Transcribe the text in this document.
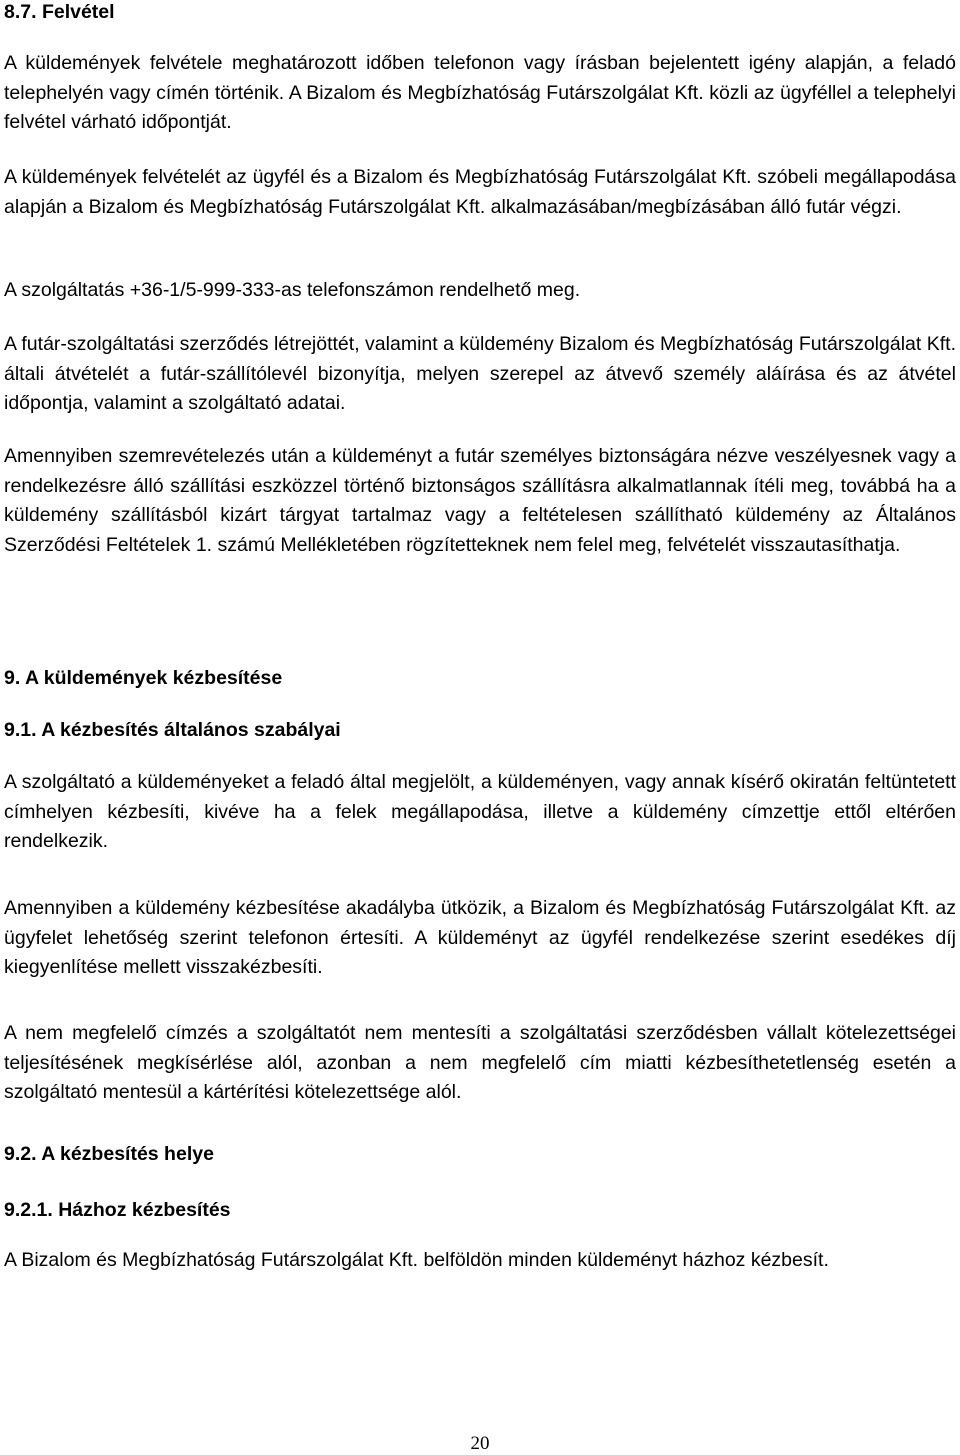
8.7. Felvétel

A küldemények felvétele meghatározott időben telefonon vagy írásban bejelentett igény alapján, a feladó telephelyén vagy címén történik. A Bizalom és Megbízhatóság Futárszolgálat Kft. közli az ügyféllel a telephelyi felvétel várható időpontját.

A küldemények felvételét az ügyfél és a Bizalom és Megbízhatóság Futárszolgálat Kft. szóbeli megállapodása alapján a Bizalom és Megbízhatóság Futárszolgálat Kft. alkalmazásában/megbízásában álló futár végzi.

A szolgáltatás +36-1/5-999-333-as telefonszámon rendelhető meg.

A futár-szolgáltatási szerződés létrejöttét, valamint a küldemény Bizalom és Megbízhatóság Futárszolgálat Kft. általi átvételét a futár-szállítólevél bizonyítja, melyen szerepel az átvevő személy aláírása és az átvétel időpontja, valamint a szolgáltató adatai.

Amennyiben szemrevételezés után a küldeményt a futár személyes biztonságára nézve veszélyesnek vagy a rendelkezésre álló szállítási eszközzel történő biztonságos szállításra alkalmatlannak ítéli meg, továbbá ha a küldemény szállításból kizárt tárgyat tartalmaz vagy a feltételesen szállítható küldemény az Általános Szerződési Feltételek 1. számú Mellékletében rögzítetteknek nem felel meg, felvételét visszautasíthatja.

9. A küldemények kézbesítése
9.1. A kézbesítés általános szabályai

A szolgáltató a küldeményeket a feladó által megjelölt, a küldeményen, vagy annak kísérő okiratán feltüntetett címhelyen kézbesíti, kivéve ha a felek megállapodása, illetve a küldemény címzettje ettől eltérően rendelkezik.

Amennyiben a küldemény kézbesítése akadályba ütközik, a Bizalom és Megbízhatóság Futárszolgálat Kft. az ügyfelet lehetőség szerint telefonon értesíti. A küldeményt az ügyfél rendelkezése szerint esedékes díj kiegyenlítése mellett visszakézbesíti.

A nem megfelelő címzés a szolgáltatót nem mentesíti a szolgáltatási szerződésben vállalt kötelezettségei teljesítésének megkísérlése alól, azonban a nem megfelelő cím miatti kézbesíthetetlenség esetén a szolgáltató mentesül a kártérítési kötelezettsége alól.

9.2. A kézbesítés helye
9.2.1. Házhoz kézbesítés

A Bizalom és Megbízhatóság Futárszolgálat Kft. belföldön minden küldeményt házhoz kézbesít.

20
